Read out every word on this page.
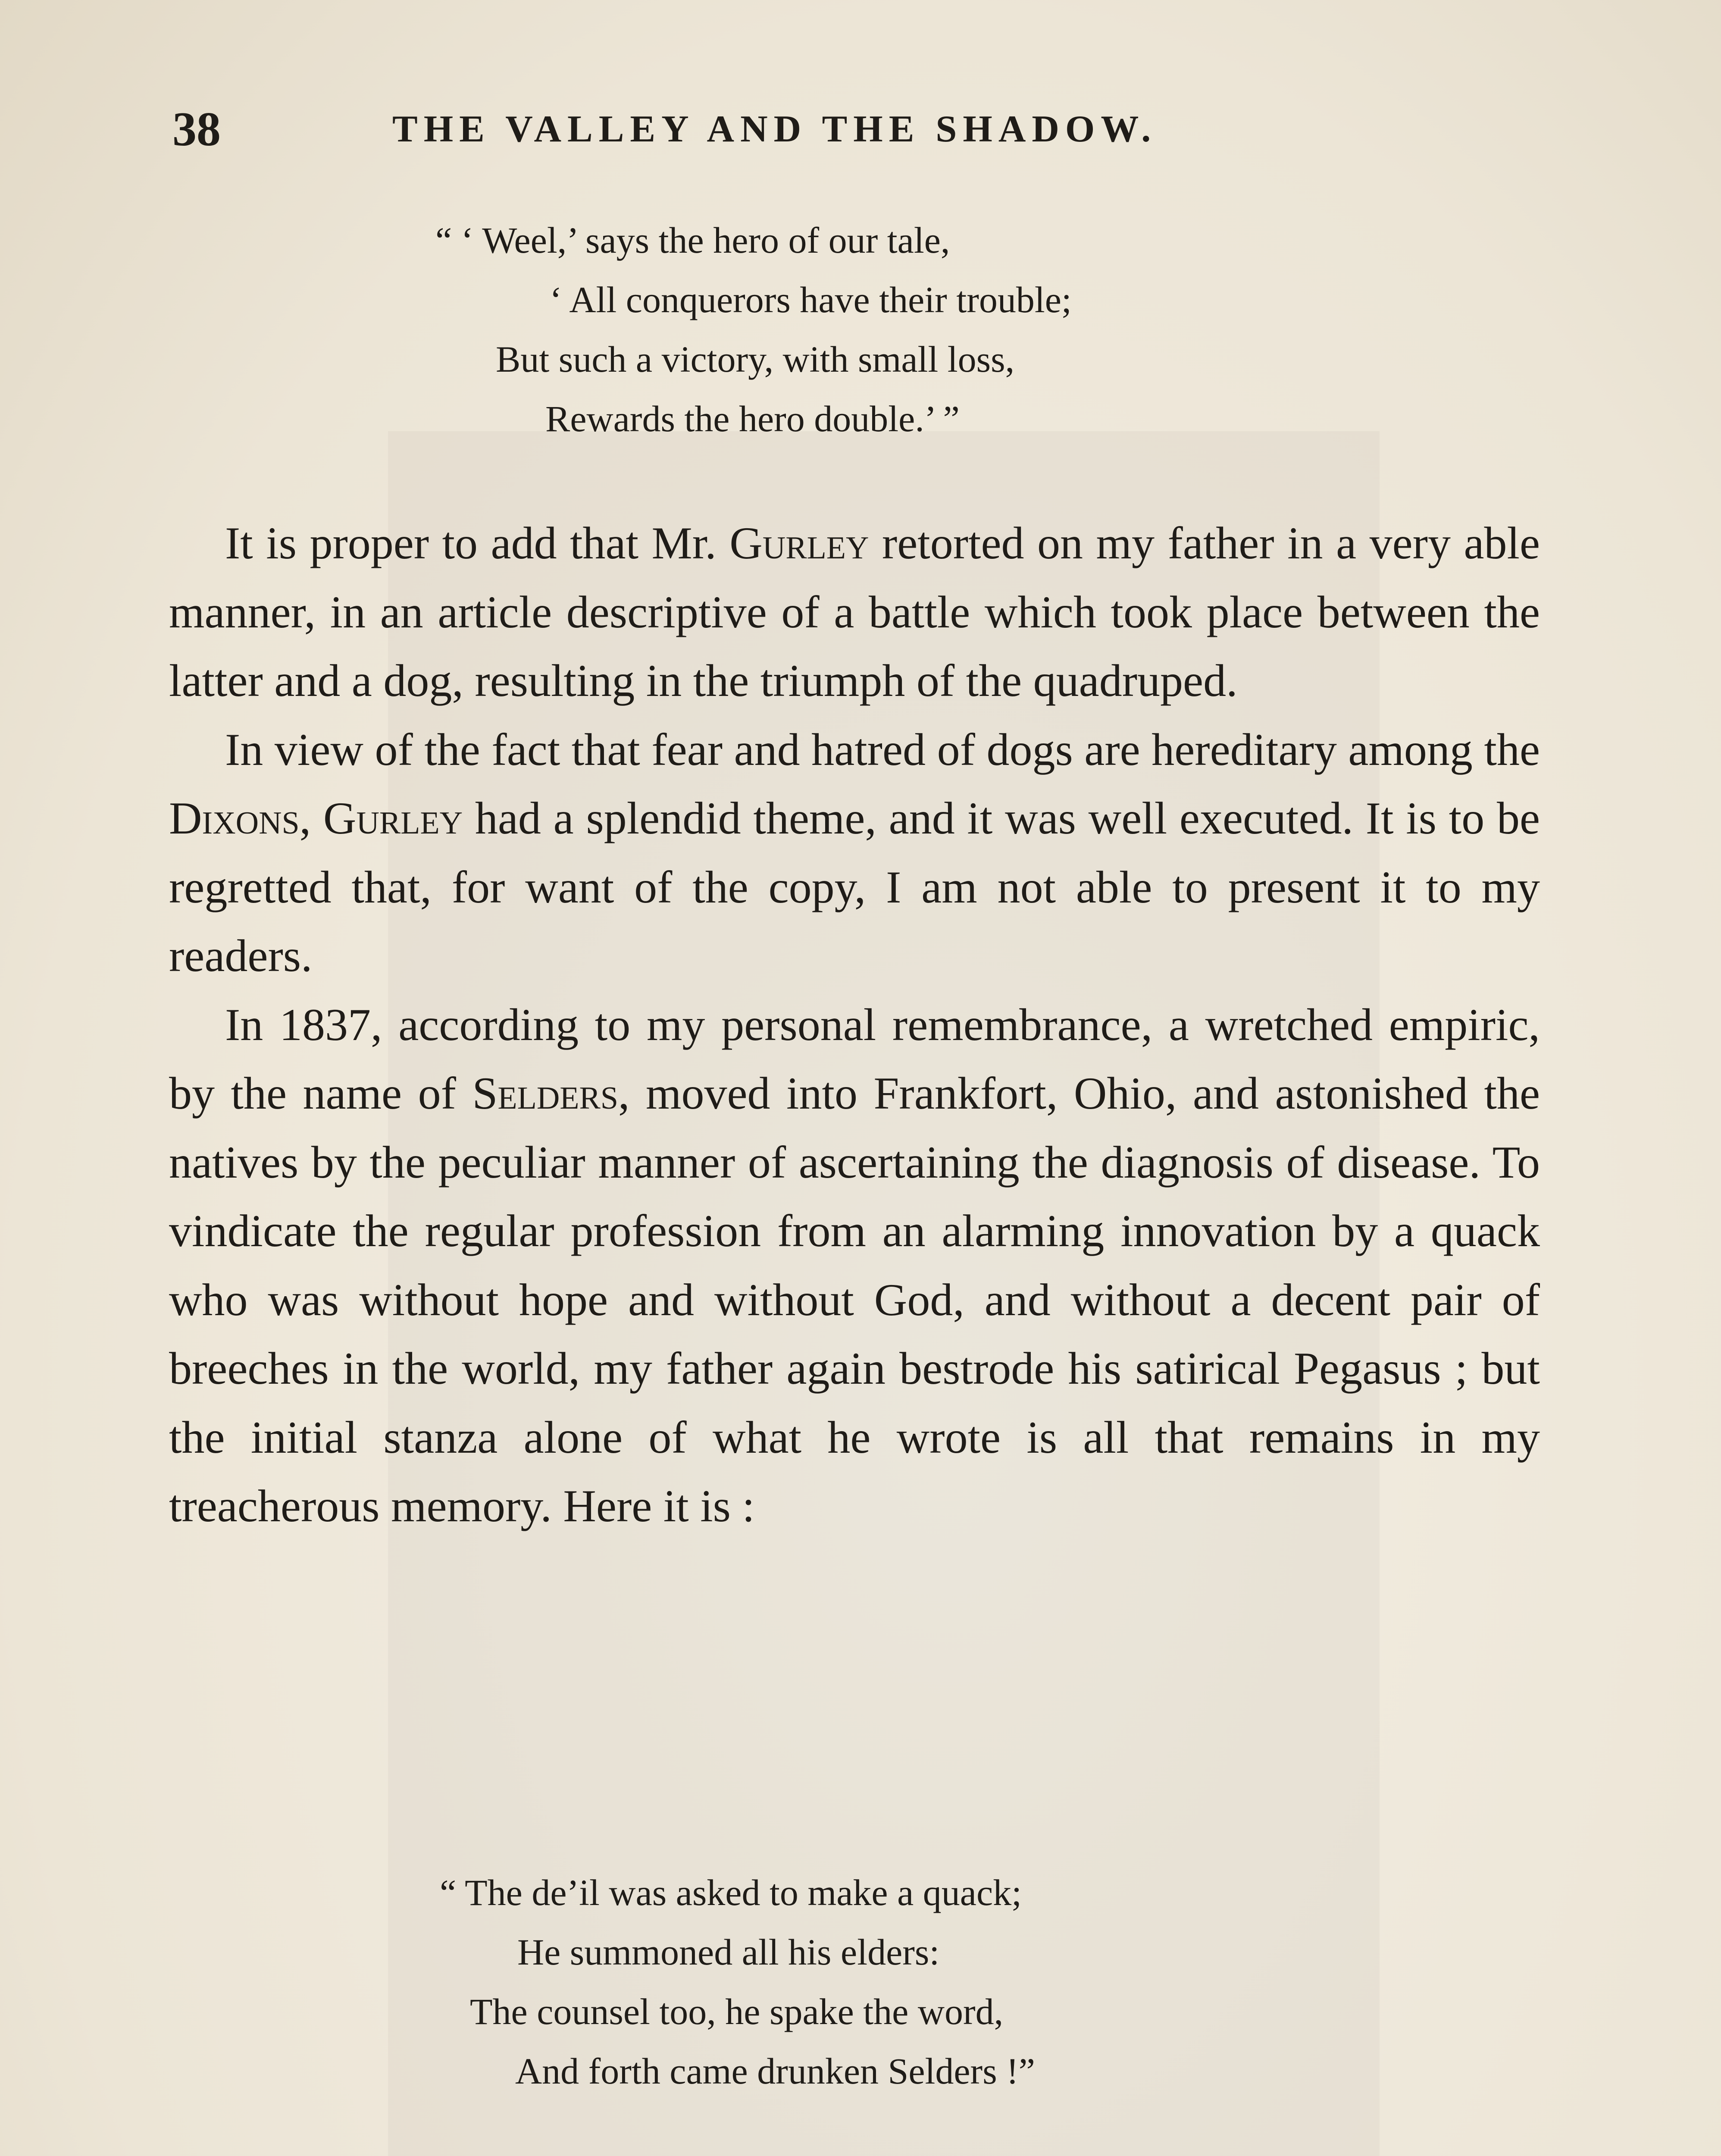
38	THE VALLEY AND THE SHADOW.
“ ‘ Weel,’ says the hero of our tale,
‘ All conquerors have their trouble;
But such a victory, with small loss,
Rewards the hero double.’ ”

It is proper to add that Mr. Gurley retorted on my father in a very able manner, in an article descriptive of a battle which took place between the latter and a dog, resulting in the triumph of the quadruped.

In view of the fact that fear and hatred of dogs are hereditary among the Dixons, Gurley had a splendid theme, and it was well executed. It is to be regretted that, for want of the copy, I am not able to present it to my readers.

In 1837, according to my personal remembrance, a wretched empiric, by the name of Selders, moved into Frankfort, Ohio, and astonished the natives by the peculiar manner of ascertaining the diagnosis of disease. To vindicate the regular profession from an alarming innovation by a quack who was without hope and without God, and without a decent pair of breeches in the world, my father again bestrode his satirical Pegasus ; but the initial stanza alone of what he wrote is all that remains in my treacherous memory. Here it is :

“ The de’il was asked to make a quack;
He summoned all his elders:
The counsel too, he spake the word,
And forth came drunken Selders !”
